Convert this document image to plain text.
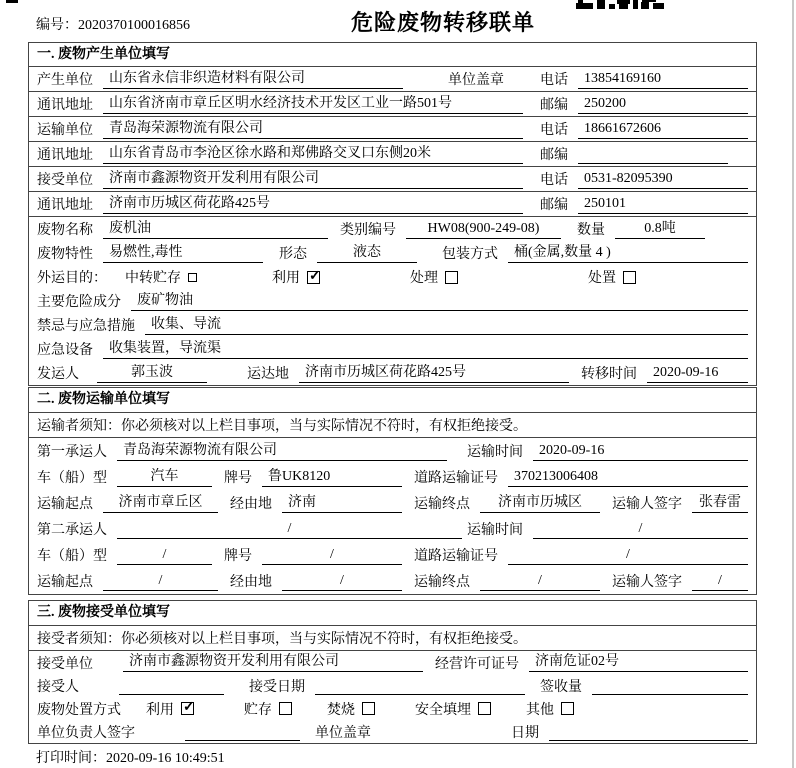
编号：2020370100016856	危险废物转移联单
一. 废物产生单位填写
产生单位	山东省永信非织造材料有限公司	单位盖章	电话	13854169160
通讯地址	山东省济南市章丘区明水经济技术开发区工业一路501号	邮编	250200
运输单位	青岛海荣源物流有限公司	电话	18661672606
通讯地址	山东省青岛市李沧区徐水路和郑佛路交叉口东侧20米	邮编
接受单位	济南市鑫源物资开发利用有限公司	电话	0531-82095390
通讯地址	济南市历城区荷花路425号	邮编	250101
废物名称	废机油	类别编号	HW08(900-249-08)	数量	0.8吨
废物特性	易燃性,毒性	形态	液态	包装方式	桶(金属,数量 4 )
外运目的： 中转贮存	利用 ✓	处理	处置
主要危险成分	废矿物油
禁忌与应急措施	收集、导流
应急设备	收集装置，导流渠
发运人	郭玉波	运达地	济南市历城区荷花路425号	转移时间	2020-09-16
二. 废物运输单位填写
运输者须知：你必须核对以上栏目事项，当与实际情况不符时，有权拒绝接受。
第一承运人	青岛海荣源物流有限公司	运输时间	2020-09-16
车（船）型	汽车	牌号	鲁UK8120	道路运输证号	370213006408
运输起点	济南市章丘区	经由地	济南	运输终点	济南市历城区	运输人签字	张春雷
第二承运人	/	运输时间	/
车（船）型	/	牌号	/	道路运输证号	/
运输起点	/	经由地	/	运输终点	/	运输人签字	/
三. 废物接受单位填写
接受者须知：你必须核对以上栏目事项，当与实际情况不符时，有权拒绝接受。
接受单位	济南市鑫源物资开发利用有限公司	经营许可证号	济南危证02号
接受人	接受日期	签收量
废物处置方式 利用 ✓	贮存	焚烧	安全填埋	其他
单位负责人签字	单位盖章	日期
打印时间：2020-09-16 10:49:51
